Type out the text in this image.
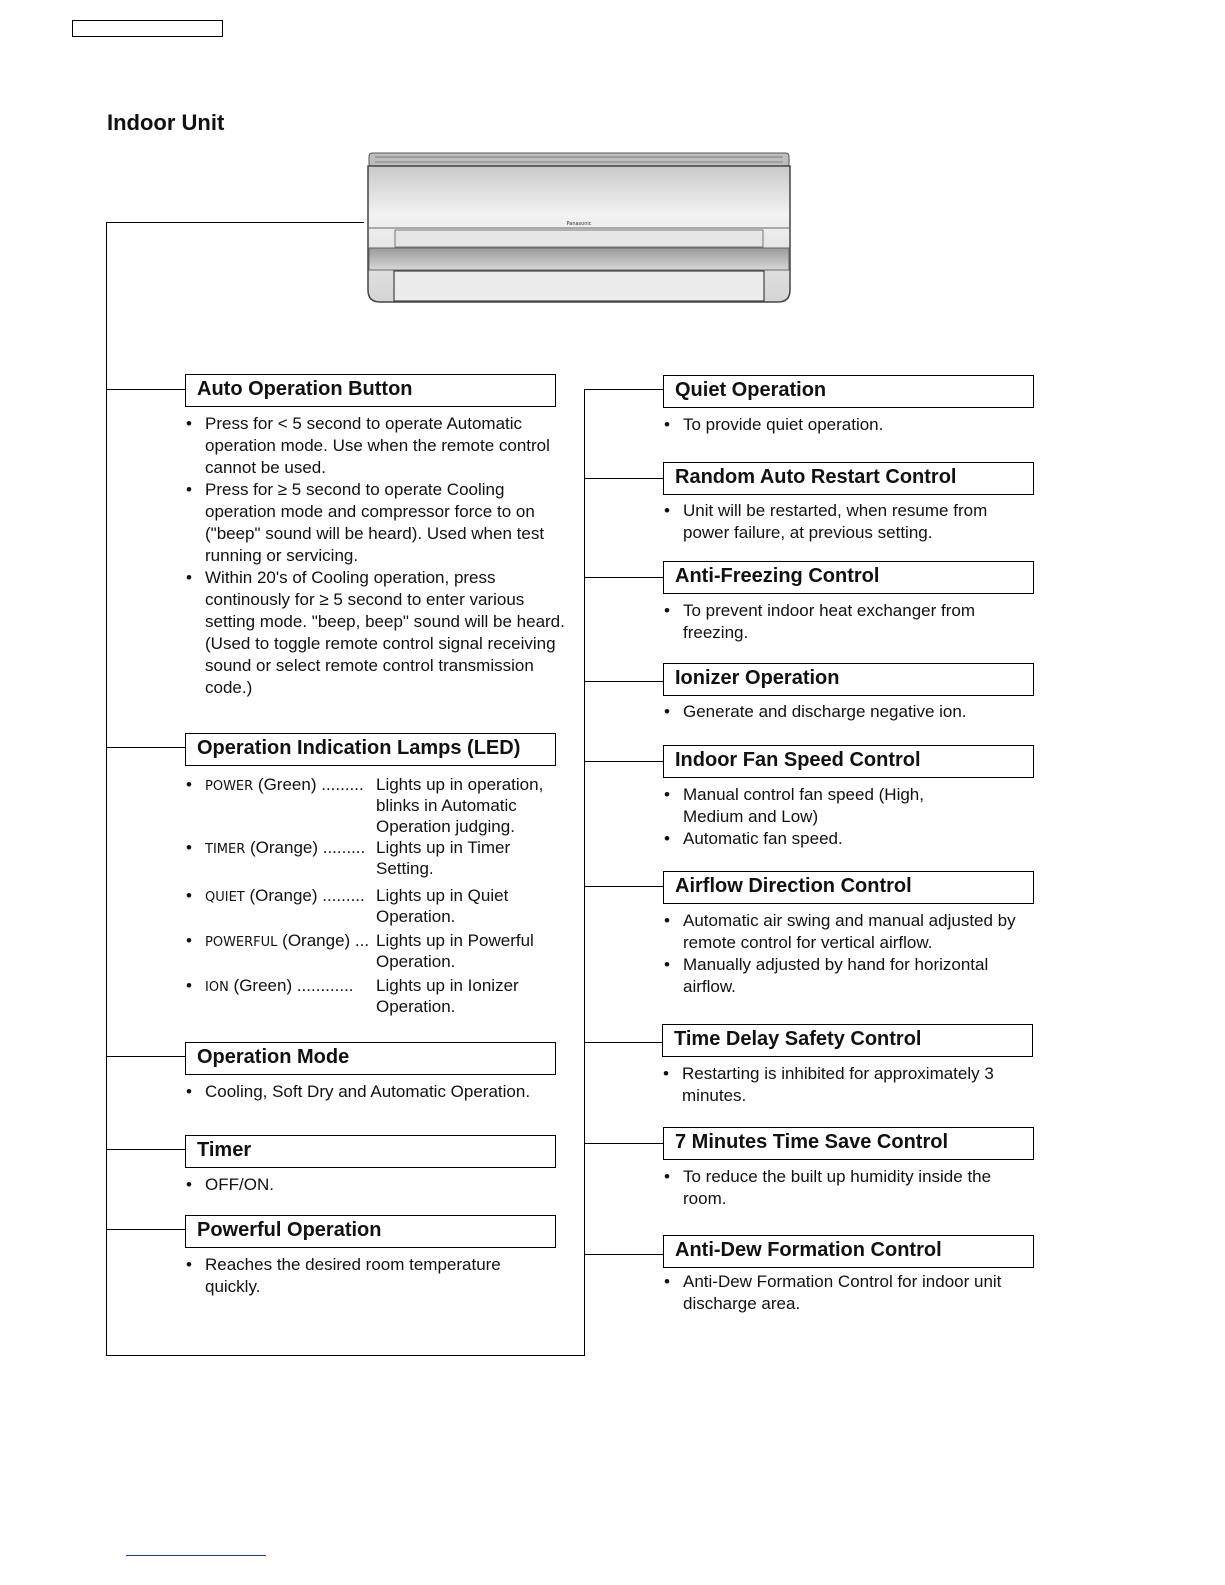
Indoor Unit
Panasonic
Auto Operation Button
• Press for < 5 second to operate Automatic operation mode. Use when the remote control cannot be used.
• Press for ≥ 5 second to operate Cooling operation mode and compressor force to on ("beep" sound will be heard). Used when test running or servicing.
• Within 20's of Cooling operation, press continously for ≥ 5 second to enter various setting mode. "beep, beep" sound will be heard. (Used to toggle remote control signal receiving sound or select remote control transmission code.)
Operation Indication Lamps (LED)
• POWER (Green) ......... Lights up in operation, blinks in Automatic Operation judging.
• TIMER (Orange) ......... Lights up in Timer Setting.
• QUIET (Orange) ......... Lights up in Quiet Operation.
• POWERFUL (Orange) ... Lights up in Powerful Operation.
• ION (Green) ............ Lights up in Ionizer Operation.
Operation Mode
• Cooling, Soft Dry and Automatic Operation.
Timer
• OFF/ON.
Powerful Operation
• Reaches the desired room temperature quickly.
Quiet Operation
• To provide quiet operation.
Random Auto Restart Control
• Unit will be restarted, when resume from power failure, at previous setting.
Anti-Freezing Control
• To prevent indoor heat exchanger from freezing.
Ionizer Operation
• Generate and discharge negative ion.
Indoor Fan Speed Control
• Manual control fan speed (High, Medium and Low)
• Automatic fan speed.
Airflow Direction Control
• Automatic air swing and manual adjusted by remote control for vertical airflow.
• Manually adjusted by hand for horizontal airflow.
Time Delay Safety Control
• Restarting is inhibited for approximately 3 minutes.
7 Minutes Time Save Control
• To reduce the built up humidity inside the room.
Anti-Dew Formation Control
• Anti-Dew Formation Control for indoor unit discharge area.
